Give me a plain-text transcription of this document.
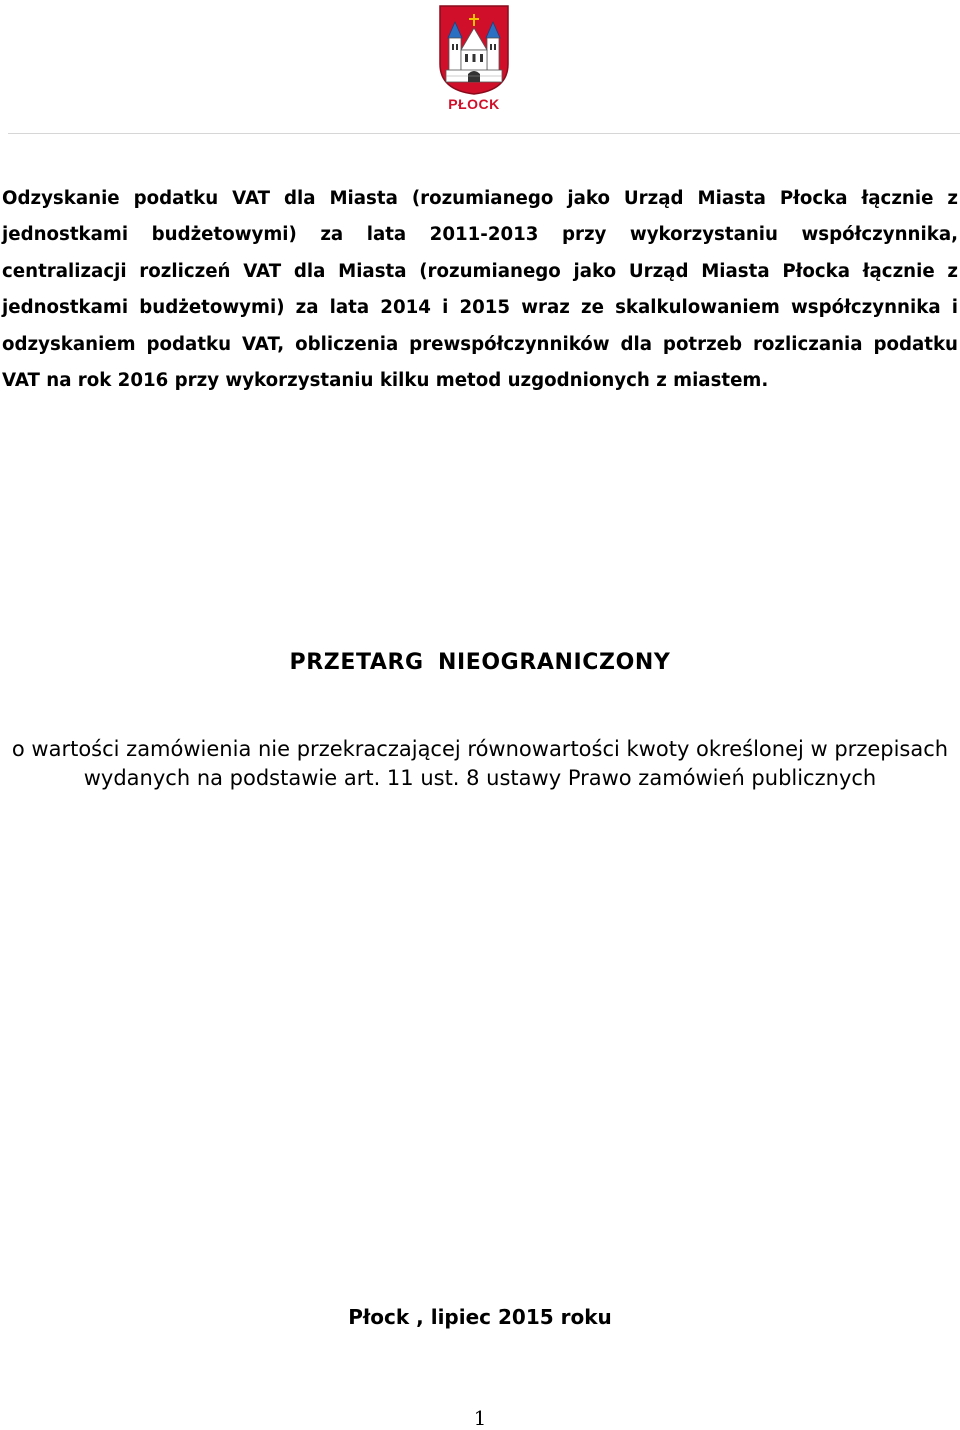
PŁOCK

Odzyskanie podatku VAT dla Miasta (rozumianego jako Urząd Miasta Płocka łącznie z jednostkami budżetowymi) za lata 2011-2013 przy wykorzystaniu współczynnika, centralizacji rozliczeń VAT dla Miasta (rozumianego jako Urząd Miasta Płocka łącznie z jednostkami budżetowymi) za lata 2014 i 2015 wraz ze skalkulowaniem współczynnika i odzyskaniem podatku VAT, obliczenia prewspółczynników dla potrzeb rozliczania podatku VAT na rok 2016 przy wykorzystaniu kilku metod uzgodnionych z miastem.

PRZETARG NIEOGRANICZONY

o wartości zamówienia nie przekraczającej równowartości kwoty określonej w przepisach wydanych na podstawie art. 11 ust. 8 ustawy Prawo zamówień publicznych

Płock , lipiec 2015 roku

1
